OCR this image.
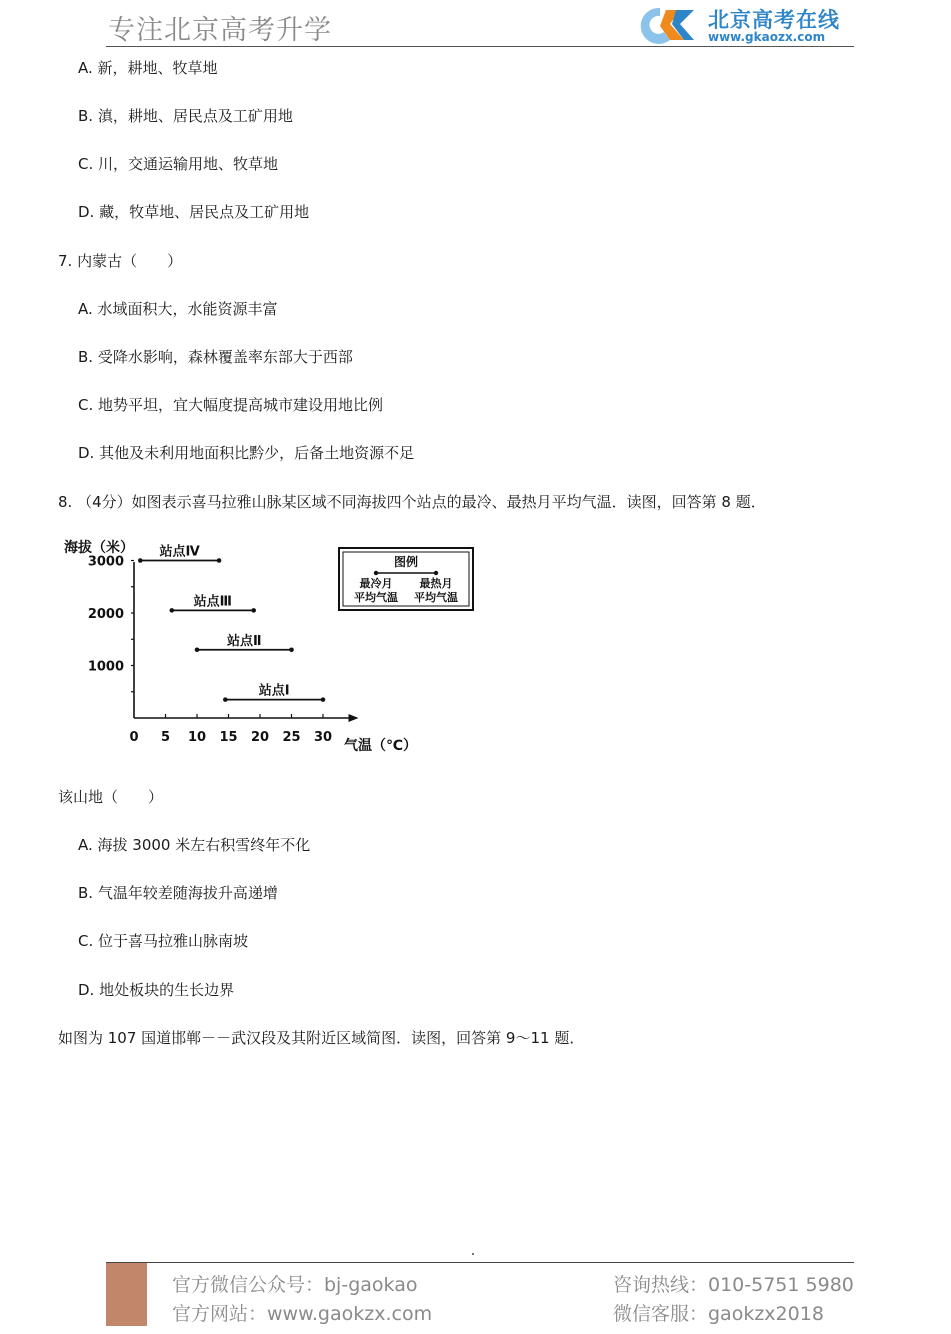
专注北京高考升学	北京高考在线
www.gkaozx.com
A. 新，耕地、牧草地
B. 滇，耕地、居民点及工矿用地
C. 川，交通运输用地、牧草地
D. 藏，牧草地、居民点及工矿用地
7. 内蒙古（　　）
A. 水域面积大，水能资源丰富
B. 受降水影响，森林覆盖率东部大于西部
C. 地势平坦，宜大幅度提高城市建设用地比例
D. 其他及未利用地面积比黔少，后备土地资源不足
8. （4分）如图表示喜马拉雅山脉某区域不同海拔四个站点的最冷、最热月平均气温．读图，回答第 8 题．
海拔（米）
气温（℃）
1000
2000
3000
0 5 10 15 20 25 30
站点Ⅳ
站点Ⅲ
站点Ⅱ
站点Ⅰ
图例
最冷月
平均气温
最热月
平均气温
该山地（　　）
A. 海拔 3000 米左右积雪终年不化
B. 气温年较差随海拔升高递增
C. 位于喜马拉雅山脉南坡
D. 地处板块的生长边界
如图为 107 国道邯郸－－武汉段及其附近区域简图．读图，回答第 9～11 题．
官方微信公众号：bj-gaokao
官方网站：www.gaokzx.com
咨询热线：010-5751 5980
微信客服：gaokzx2018
